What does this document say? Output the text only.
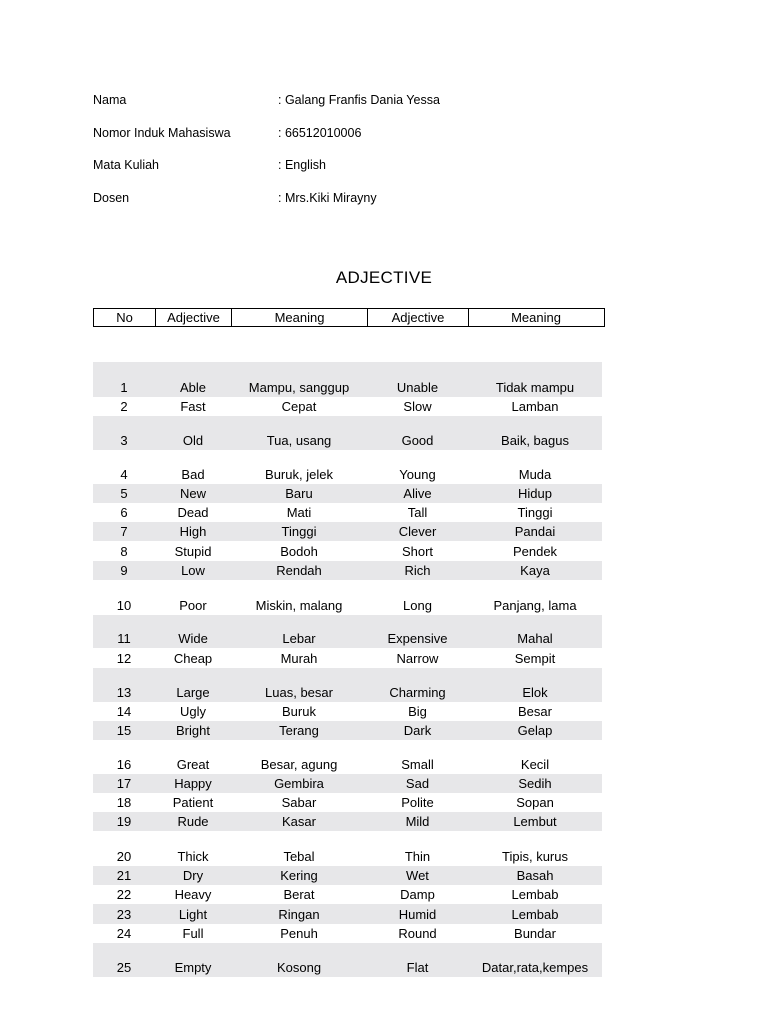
Nama	: Galang Franfis Dania Yessa
Nomor Induk Mahasiswa	: 66512010006
Mata Kuliah	: English
Dosen	: Mrs.Kiki Mirayny
ADJECTIVE
No	Adjective	Meaning	Adjective	Meaning
1	Able	Mampu, sanggup	Unable	Tidak mampu
2	Fast	Cepat	Slow	Lamban
3	Old	Tua, usang	Good	Baik, bagus
4	Bad	Buruk, jelek	Young	Muda
5	New	Baru	Alive	Hidup
6	Dead	Mati	Tall	Tinggi
7	High	Tinggi	Clever	Pandai
8	Stupid	Bodoh	Short	Pendek
9	Low	Rendah	Rich	Kaya
10	Poor	Miskin, malang	Long	Panjang, lama
11	Wide	Lebar	Expensive	Mahal
12	Cheap	Murah	Narrow	Sempit
13	Large	Luas, besar	Charming	Elok
14	Ugly	Buruk	Big	Besar
15	Bright	Terang	Dark	Gelap
16	Great	Besar, agung	Small	Kecil
17	Happy	Gembira	Sad	Sedih
18	Patient	Sabar	Polite	Sopan
19	Rude	Kasar	Mild	Lembut
20	Thick	Tebal	Thin	Tipis, kurus
21	Dry	Kering	Wet	Basah
22	Heavy	Berat	Damp	Lembab
23	Light	Ringan	Humid	Lembab
24	Full	Penuh	Round	Bundar
25	Empty	Kosong	Flat	Datar,rata,kempes
